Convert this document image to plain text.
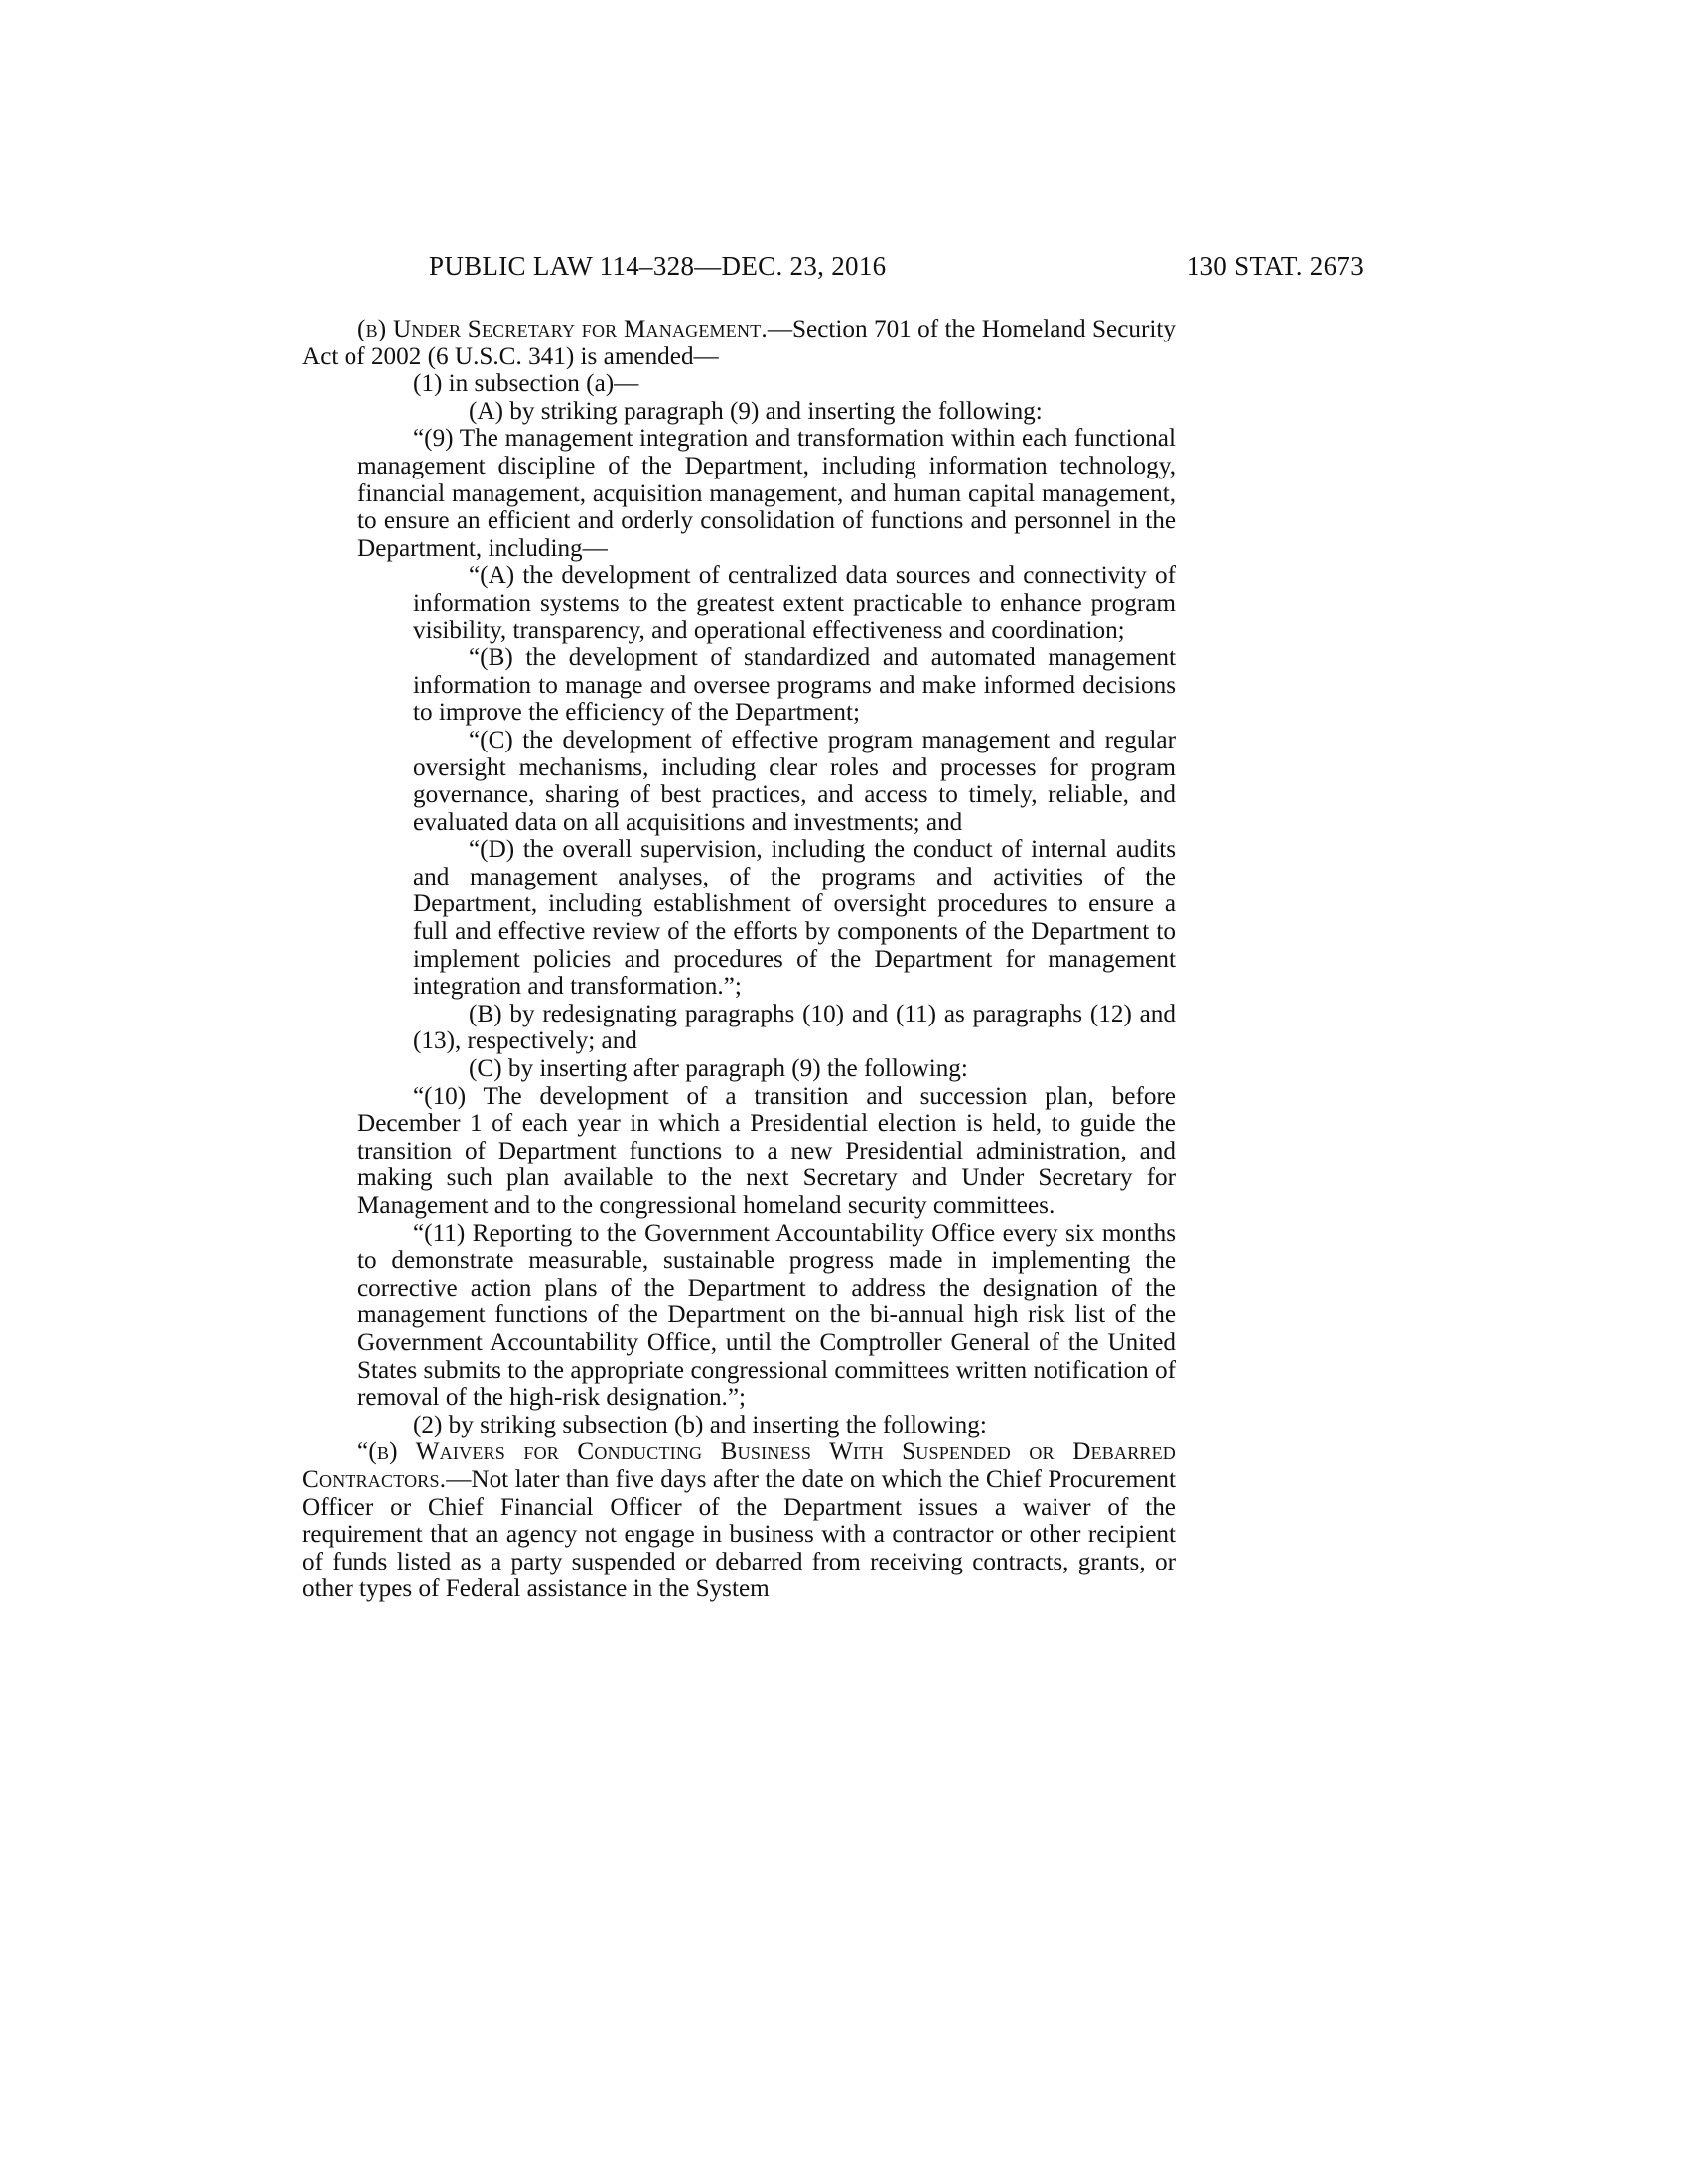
PUBLIC LAW 114–328—DEC. 23, 2016	130 STAT. 2673

(b) Under Secretary for Management.—Section 701 of the Homeland Security Act of 2002 (6 U.S.C. 341) is amended—

(1) in subsection (a)—

(A) by striking paragraph (9) and inserting the following:

“(9) The management integration and transformation within each functional management discipline of the Department, including information technology, financial management, acquisition management, and human capital management, to ensure an efficient and orderly consolidation of functions and personnel in the Department, including—

“(A) the development of centralized data sources and connectivity of information systems to the greatest extent practicable to enhance program visibility, transparency, and operational effectiveness and coordination;

“(B) the development of standardized and automated management information to manage and oversee programs and make informed decisions to improve the efficiency of the Department;

“(C) the development of effective program management and regular oversight mechanisms, including clear roles and processes for program governance, sharing of best practices, and access to timely, reliable, and evaluated data on all acquisitions and investments; and

“(D) the overall supervision, including the conduct of internal audits and management analyses, of the programs and activities of the Department, including establishment of oversight procedures to ensure a full and effective review of the efforts by components of the Department to implement policies and procedures of the Department for management integration and transformation.”;

(B) by redesignating paragraphs (10) and (11) as paragraphs (12) and (13), respectively; and

(C) by inserting after paragraph (9) the following:

“(10) The development of a transition and succession plan, before December 1 of each year in which a Presidential election is held, to guide the transition of Department functions to a new Presidential administration, and making such plan available to the next Secretary and Under Secretary for Management and to the congressional homeland security committees.

“(11) Reporting to the Government Accountability Office every six months to demonstrate measurable, sustainable progress made in implementing the corrective action plans of the Department to address the designation of the management functions of the Department on the bi-annual high risk list of the Government Accountability Office, until the Comptroller General of the United States submits to the appropriate congressional committees written notification of removal of the high-risk designation.”;

(2) by striking subsection (b) and inserting the following:

“(b) Waivers for Conducting Business With Suspended or Debarred Contractors.—Not later than five days after the date on which the Chief Procurement Officer or Chief Financial Officer of the Department issues a waiver of the requirement that an agency not engage in business with a contractor or other recipient of funds listed as a party suspended or debarred from receiving contracts, grants, or other types of Federal assistance in the System
